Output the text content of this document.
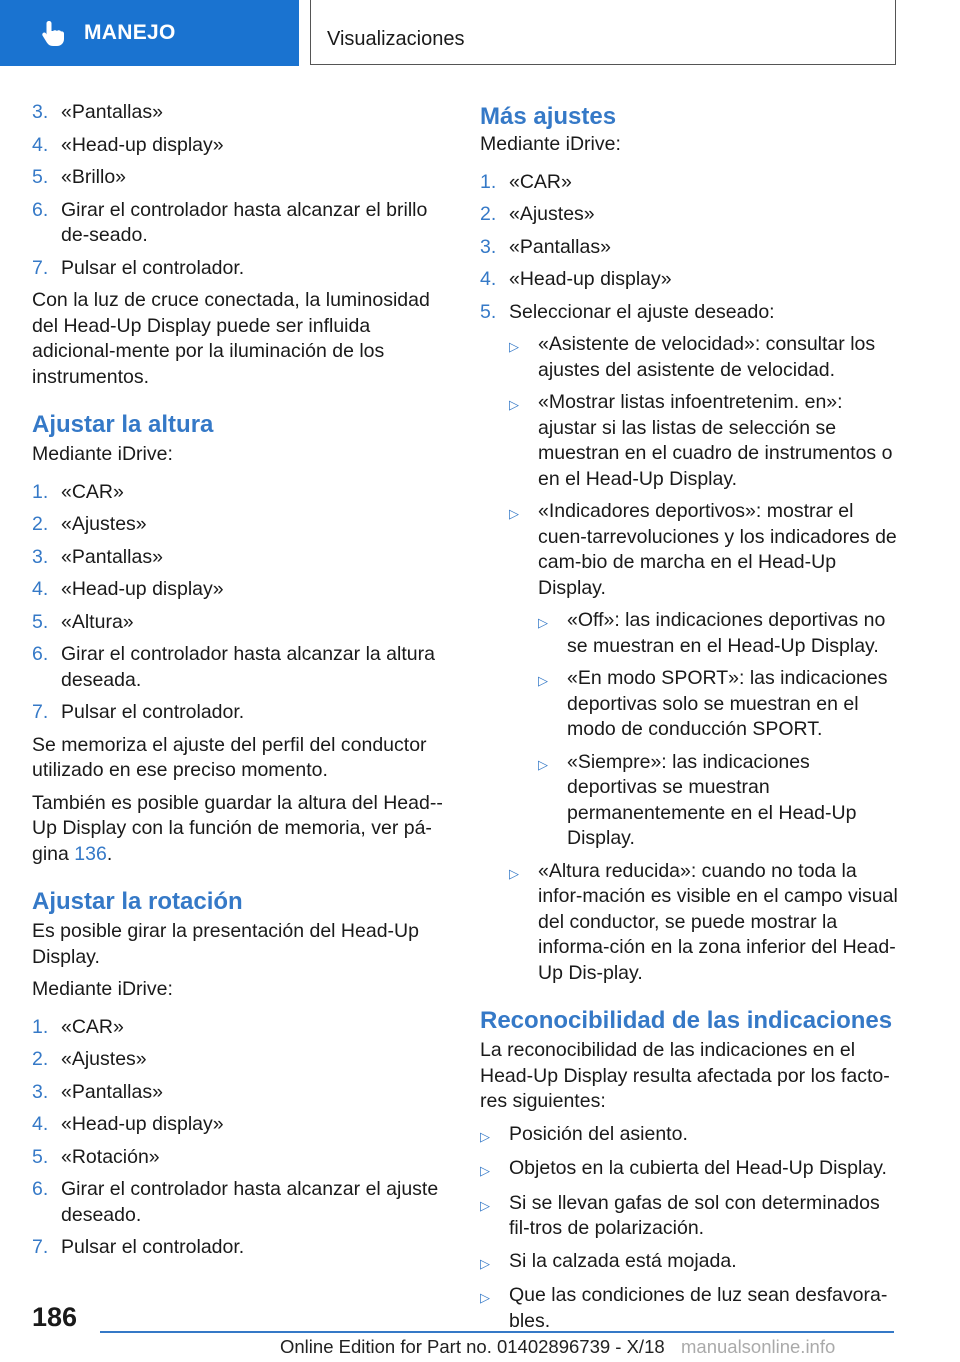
MANEJO	Visualizaciones
3. «Pantallas»
4. «Head-up display»
5. «Brillo»
6. Girar el controlador hasta alcanzar el brillo de-seado.
7. Pulsar el controlador.

Con la luz de cruce conectada, la luminosidad del Head-Up Display puede ser influida adicional-mente por la iluminación de los instrumentos.

Ajustar la altura

Mediante iDrive:

1. «CAR»
2. «Ajustes»
3. «Pantallas»
4. «Head-up display»
5. «Altura»
6. Girar el controlador hasta alcanzar la altura deseada.
7. Pulsar el controlador.

Se memoriza el ajuste del perfil del conductor utilizado en ese preciso momento.

También es posible guardar la altura del Head--Up Display con la función de memoria, ver pá-gina 136.

Ajustar la rotación

Es posible girar la presentación del Head-Up Display.

Mediante iDrive:

1. «CAR»
2. «Ajustes»
3. «Pantallas»
4. «Head-up display»
5. «Rotación»
6. Girar el controlador hasta alcanzar el ajuste deseado.
7. Pulsar el controlador.
Más ajustes

Mediante iDrive:

1. «CAR»
2. «Ajustes»
3. «Pantallas»
4. «Head-up display»
5. Seleccionar el ajuste deseado:
▷ «Asistente de velocidad»: consultar los ajustes del asistente de velocidad.
▷ «Mostrar listas infoentretenim. en»: ajustar si las listas de selección se muestran en el cuadro de instrumentos o en el Head-Up Display.
▷ «Indicadores deportivos»: mostrar el cuen-tarrevoluciones y los indicadores de cam-bio de marcha en el Head-Up Display.
▷ «Off»: las indicaciones deportivas no se muestran en el Head-Up Display.
▷ «En modo SPORT»: las indicaciones deportivas solo se muestran en el modo de conducción SPORT.
▷ «Siempre»: las indicaciones deportivas se muestran permanentemente en el Head-Up Display.
▷ «Altura reducida»: cuando no toda la infor-mación es visible en el campo visual del conductor, se puede mostrar la informa-ción en la zona inferior del Head-Up Dis-play.
Reconocibilidad de las indicaciones

La reconocibilidad de las indicaciones en el Head-Up Display resulta afectada por los facto-res siguientes:

▷ Posición del asiento.
▷ Objetos en la cubierta del Head-Up Display.
▷ Si se llevan gafas de sol con determinados fil-tros de polarización.
▷ Si la calzada está mojada.
▷ Que las condiciones de luz sean desfavora-bles.
186
Online Edition for Part no. 01402896739 - X/18 manualsonline.info
